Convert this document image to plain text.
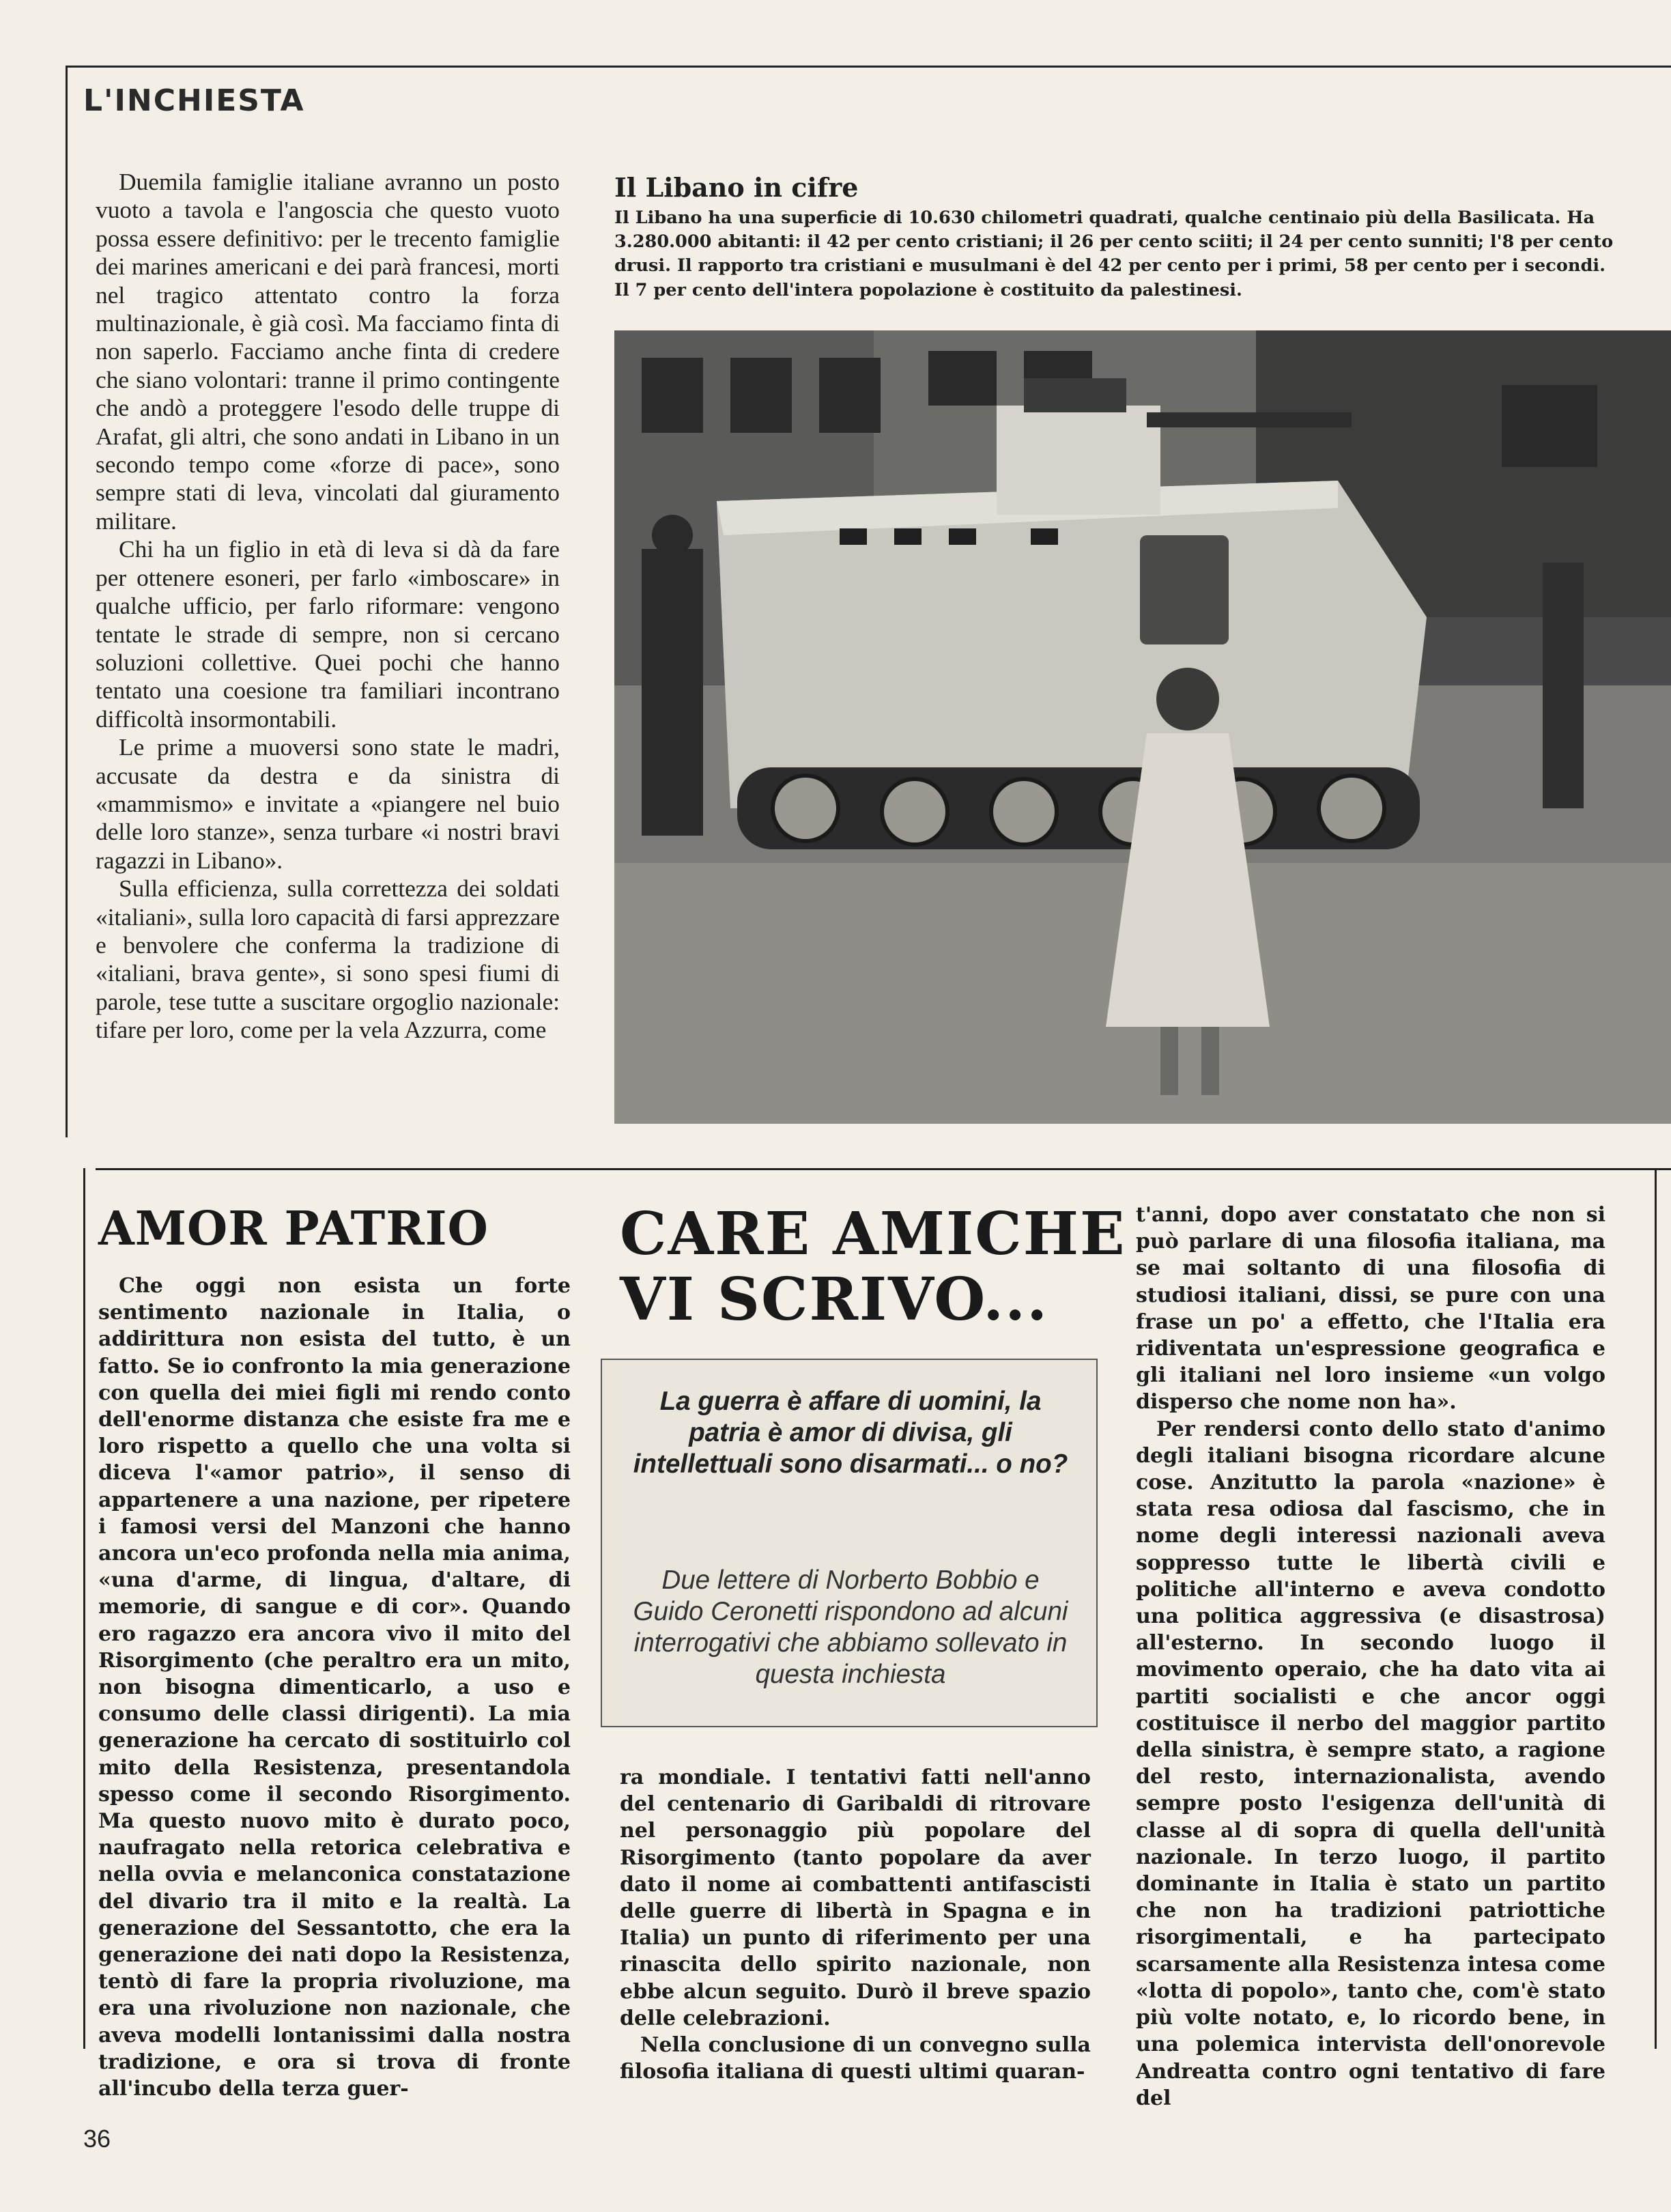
L'INCHIESTA

Duemila famiglie italiane avranno un posto vuoto a tavola e l'angoscia che questo vuoto possa essere definitivo: per le trecento famiglie dei marines americani e dei parà francesi, morti nel tragico attentato contro la forza multinazionale, è già così. Ma facciamo finta di non saperlo. Facciamo anche finta di credere che siano volontari: tranne il primo contingente che andò a proteggere l'esodo delle truppe di Arafat, gli altri, che sono andati in Libano in un secondo tempo come «forze di pace», sono sempre stati di leva, vincolati dal giuramento militare.

Chi ha un figlio in età di leva si dà da fare per ottenere esoneri, per farlo «imboscare» in qualche ufficio, per farlo riformare: vengono tentate le strade di sempre, non si cercano soluzioni collettive. Quei pochi che hanno tentato una coesione tra familiari incontrano difficoltà insormontabili.

Le prime a muoversi sono state le madri, accusate da destra e da sinistra di «mammismo» e invitate a «piangere nel buio delle loro stanze», senza turbare «i nostri bravi ragazzi in Libano».

Sulla efficienza, sulla correttezza dei soldati «italiani», sulla loro capacità di farsi apprezzare e benvolere che conferma la tradizione di «italiani, brava gente», si sono spesi fiumi di parole, tese tutte a suscitare orgoglio nazionale: tifare per loro, come per la vela Azzurra, come

Il Libano in cifre
Il Libano ha una superficie di 10.630 chilometri quadrati, qualche centinaio più della Basilicata. Ha 3.280.000 abitanti: il 42 per cento cristiani; il 26 per cento sciiti; il 24 per cento sunniti; l'8 per cento drusi. Il rapporto tra cristiani e musulmani è del 42 per cento per i primi, 58 per cento per i secondi. Il 7 per cento dell'intera popolazione è costituito da palestinesi.
AMOR PATRIO

Che oggi non esista un forte sentimento nazionale in Italia, o addirittura non esista del tutto, è un fatto. Se io confronto la mia generazione con quella dei miei figli mi rendo conto dell'enorme distanza che esiste fra me e loro rispetto a quello che una volta si diceva l'«amor patrio», il senso di appartenere a una nazione, per ripetere i famosi versi del Manzoni che hanno ancora un'eco profonda nella mia anima, «una d'arme, di lingua, d'altare, di memorie, di sangue e di cor». Quando ero ragazzo era ancora vivo il mito del Risorgimento (che peraltro era un mito, non bisogna dimenticarlo, a uso e consumo delle classi dirigenti). La mia generazione ha cercato di sostituirlo col mito della Resistenza, presentandola spesso come il secondo Risorgimento. Ma questo nuovo mito è durato poco, naufragato nella retorica celebrativa e nella ovvia e melanconica constatazione del divario tra il mito e la realtà. La generazione del Sessantotto, che era la generazione dei nati dopo la Resistenza, tentò di fare la propria rivoluzione, ma era una rivoluzione non nazionale, che aveva modelli lontanissimi dalla nostra tradizione, e ora si trova di fronte all'incubo della terza guer-

CARE AMICHE
VI SCRIVO...
La guerra è affare di uomini, la patria è amor di divisa, gli intellettuali sono disarmati... o no?
Due lettere di Norberto Bobbio e Guido Ceronetti rispondono ad alcuni interrogativi che abbiamo sollevato in questa inchiesta

ra mondiale. I tentativi fatti nell'anno del centenario di Garibaldi di ritrovare nel personaggio più popolare del Risorgimento (tanto popolare da aver dato il nome ai combattenti antifascisti delle guerre di libertà in Spagna e in Italia) un punto di riferimento per una rinascita dello spirito nazionale, non ebbe alcun seguito. Durò il breve spazio delle celebrazioni.

Nella conclusione di un convegno sulla filosofia italiana di questi ultimi quaran-

t'anni, dopo aver constatato che non si può parlare di una filosofia italiana, ma se mai soltanto di una filosofia di studiosi italiani, dissi, se pure con una frase un po' a effetto, che l'Italia era ridiventata un'espressione geografica e gli italiani nel loro insieme «un volgo disperso che nome non ha».

Per rendersi conto dello stato d'animo degli italiani bisogna ricordare alcune cose. Anzitutto la parola «nazione» è stata resa odiosa dal fascismo, che in nome degli interessi nazionali aveva soppresso tutte le libertà civili e politiche all'interno e aveva condotto una politica aggressiva (e disastrosa) all'esterno. In secondo luogo il movimento operaio, che ha dato vita ai partiti socialisti e che ancor oggi costituisce il nerbo del maggior partito della sinistra, è sempre stato, a ragione del resto, internazionalista, avendo sempre posto l'esigenza dell'unità di classe al di sopra di quella dell'unità nazionale. In terzo luogo, il partito dominante in Italia è stato un partito che non ha tradizioni patriottiche risorgimentali, e ha partecipato scarsamente alla Resistenza intesa come «lotta di popolo», tanto che, com'è stato più volte notato, e, lo ricordo bene, in una polemica intervista dell'onorevole Andreatta contro ogni tentativo di fare del

36
